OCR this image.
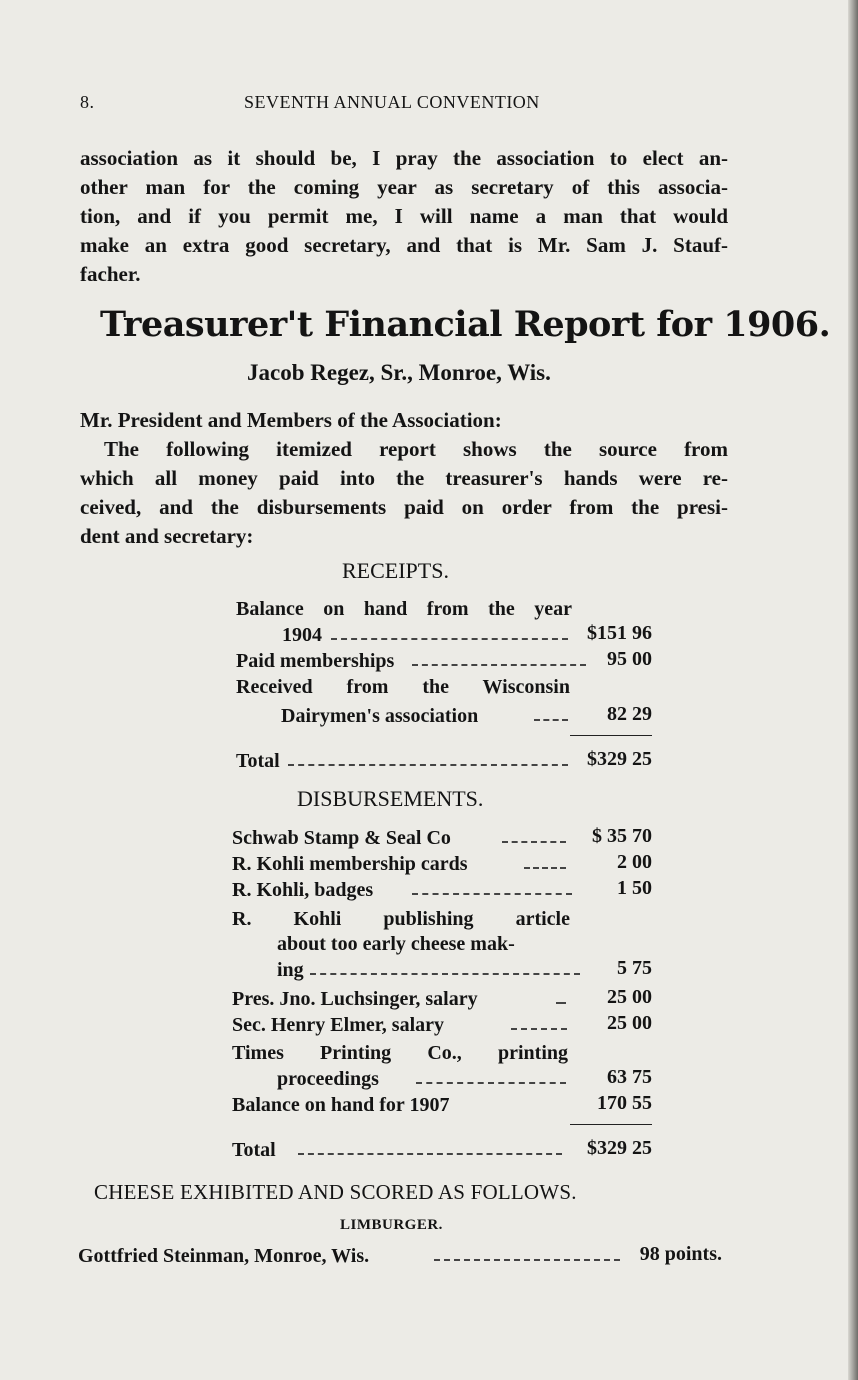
8.	SEVENTH ANNUAL CONVENTION
association as it should be, I pray the association to elect an-
other man for the coming year as secretary of this associa-
tion, and if you permit me, I will name a man that would
make an extra good secretary, and that is Mr. Sam J. Stauf-
facher.
Treasurer't Financial Report for 1906.
Jacob Regez, Sr., Monroe, Wis.
Mr. President and Members of the Association:
The following itemized report shows the source from
which all money paid into the treasurer's hands were re-
ceived, and the disbursements paid on order from the presi-
dent and secretary:
RECEIPTS.
Balance on hand from the year
1904	$151 96
Paid memberships	95 00
Received from the Wisconsin
Dairymen's association	82 29
Total	$329 25
DISBURSEMENTS.
Schwab Stamp & Seal Co	$ 35 70
R. Kohli membership cards	2 00
R. Kohli, badges	1 50
R. Kohli publishing article
about too early cheese mak-
ing	5 75
Pres. Jno. Luchsinger, salary	25 00
Sec. Henry Elmer, salary	25 00
Times Printing Co., printing
proceedings	63 75
Balance on hand for 1907	170 55
Total	$329 25
CHEESE EXHIBITED AND SCORED AS FOLLOWS.
LIMBURGER.
Gottfried Steinman, Monroe, Wis.	98 points.
